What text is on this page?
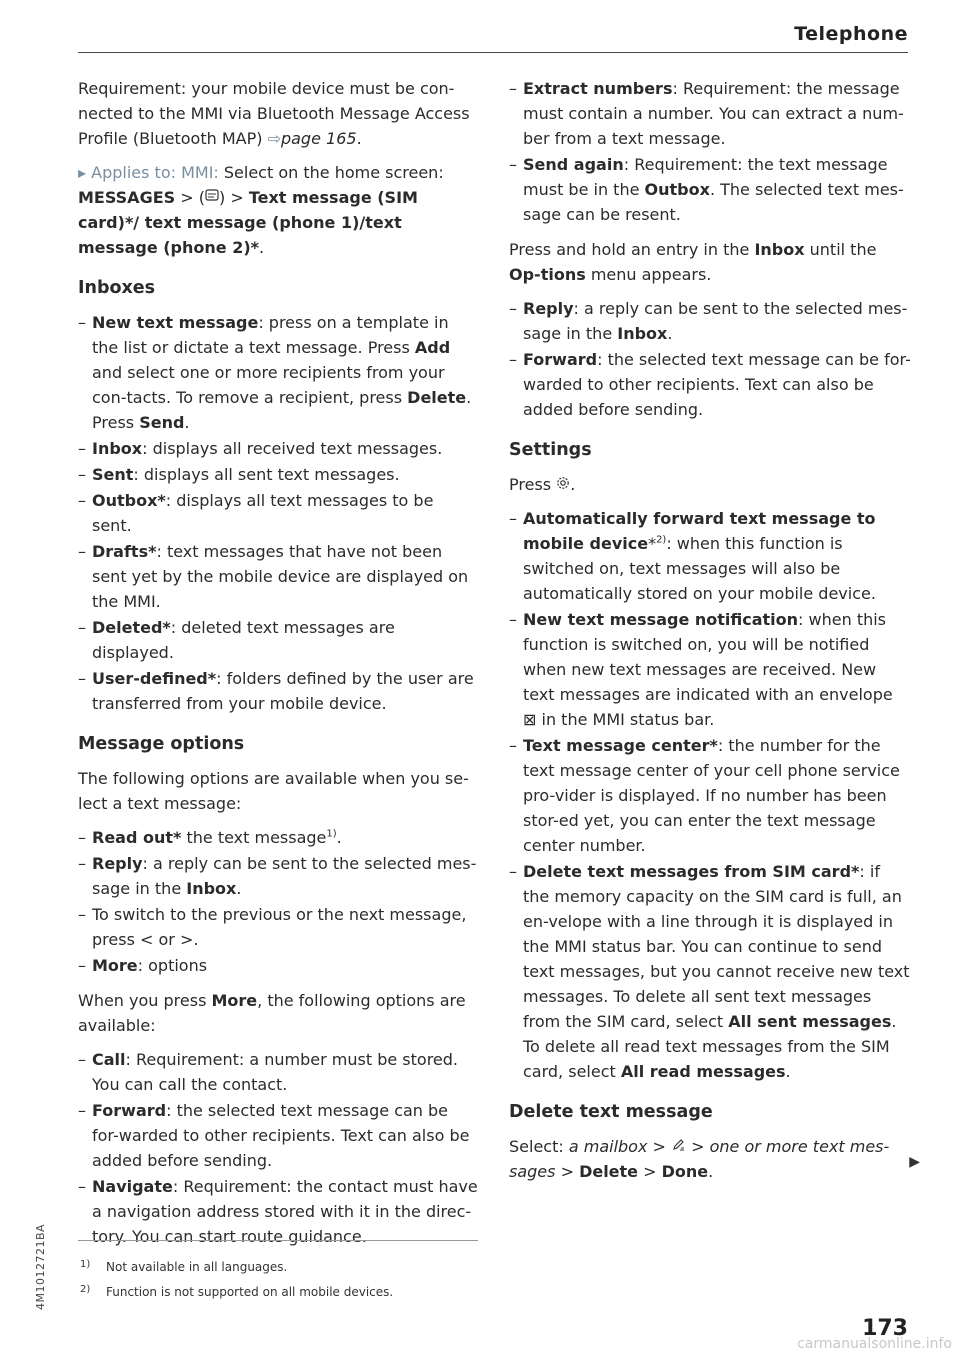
Telephone

Requirement: your mobile device must be con-nected to the MMI via Bluetooth Message Access Profile (Bluetooth MAP) ⇨page 165.

▸ Applies to: MMI: Select on the home screen:
MESSAGES > ( ) > Text message (SIM card)*/ text message (phone 1)/text message (phone 2)*.

Inboxes
– New text message: press on a template in the list or dictate a text message. Press Add and select one or more recipients from your con-tacts. To remove a recipient, press Delete. Press Send.
– Inbox: displays all received text messages.
– Sent: displays all sent text messages.
– Outbox*: displays all text messages to be sent.
– Drafts*: text messages that have not been sent yet by the mobile device are displayed on the MMI.
– Deleted*: deleted text messages are displayed.
– User-defined*: folders defined by the user are transferred from your mobile device.
Message options

The following options are available when you se-lect a text message:

– Read out* the text message$^{1)}$.
– Reply: a reply can be sent to the selected mes-sage in the Inbox.
– To switch to the previous or the next message, press < or >.
– More: options

When you press More, the following options are available:

– Call: Requirement: a number must be stored. You can call the contact.
– Forward: the selected text message can be for-warded to other recipients. Text can also be added before sending.
– Navigate: Requirement: the contact must have a navigation address stored with it in the direc-tory. You can start route guidance.
– Extract numbers: Requirement: the message must contain a number. You can extract a num-ber from a text message.
– Send again: Requirement: the text message must be in the Outbox. The selected text mes-sage can be resent.

Press and hold an entry in the Inbox until the Op-tions menu appears.

– Reply: a reply can be sent to the selected mes-sage in the Inbox.
– Forward: the selected text message can be for-warded to other recipients. Text can also be added before sending.
Settings

Press .

– Automatically forward text message to mobile device*$^{2)}$: when this function is switched on, text messages will also be automatically stored on your mobile device.
– New text message notification: when this function is switched on, you will be notified when new text messages are received. New text messages are indicated with an envelope ⊠ in the MMI status bar.
– Text message center*: the number for the text message center of your cell phone service pro-vider is displayed. If no number has been stor-ed yet, you can enter the text message center number.
– Delete text messages from SIM card*: if the memory capacity on the SIM card is full, an en-velope with a line through it is displayed in the MMI status bar. You can continue to send text messages, but you cannot receive new text messages. To delete all sent text messages from the SIM card, select All sent messages. To delete all read text messages from the SIM card, select All read messages.
Delete text message

Select: a mailbox >  > one or more text mes-sages > Delete > Done.	▶
1) Not available in all languages.
2) Function is not supported on all mobile devices.
4M1012721BA
173
carmanualsonline.info
